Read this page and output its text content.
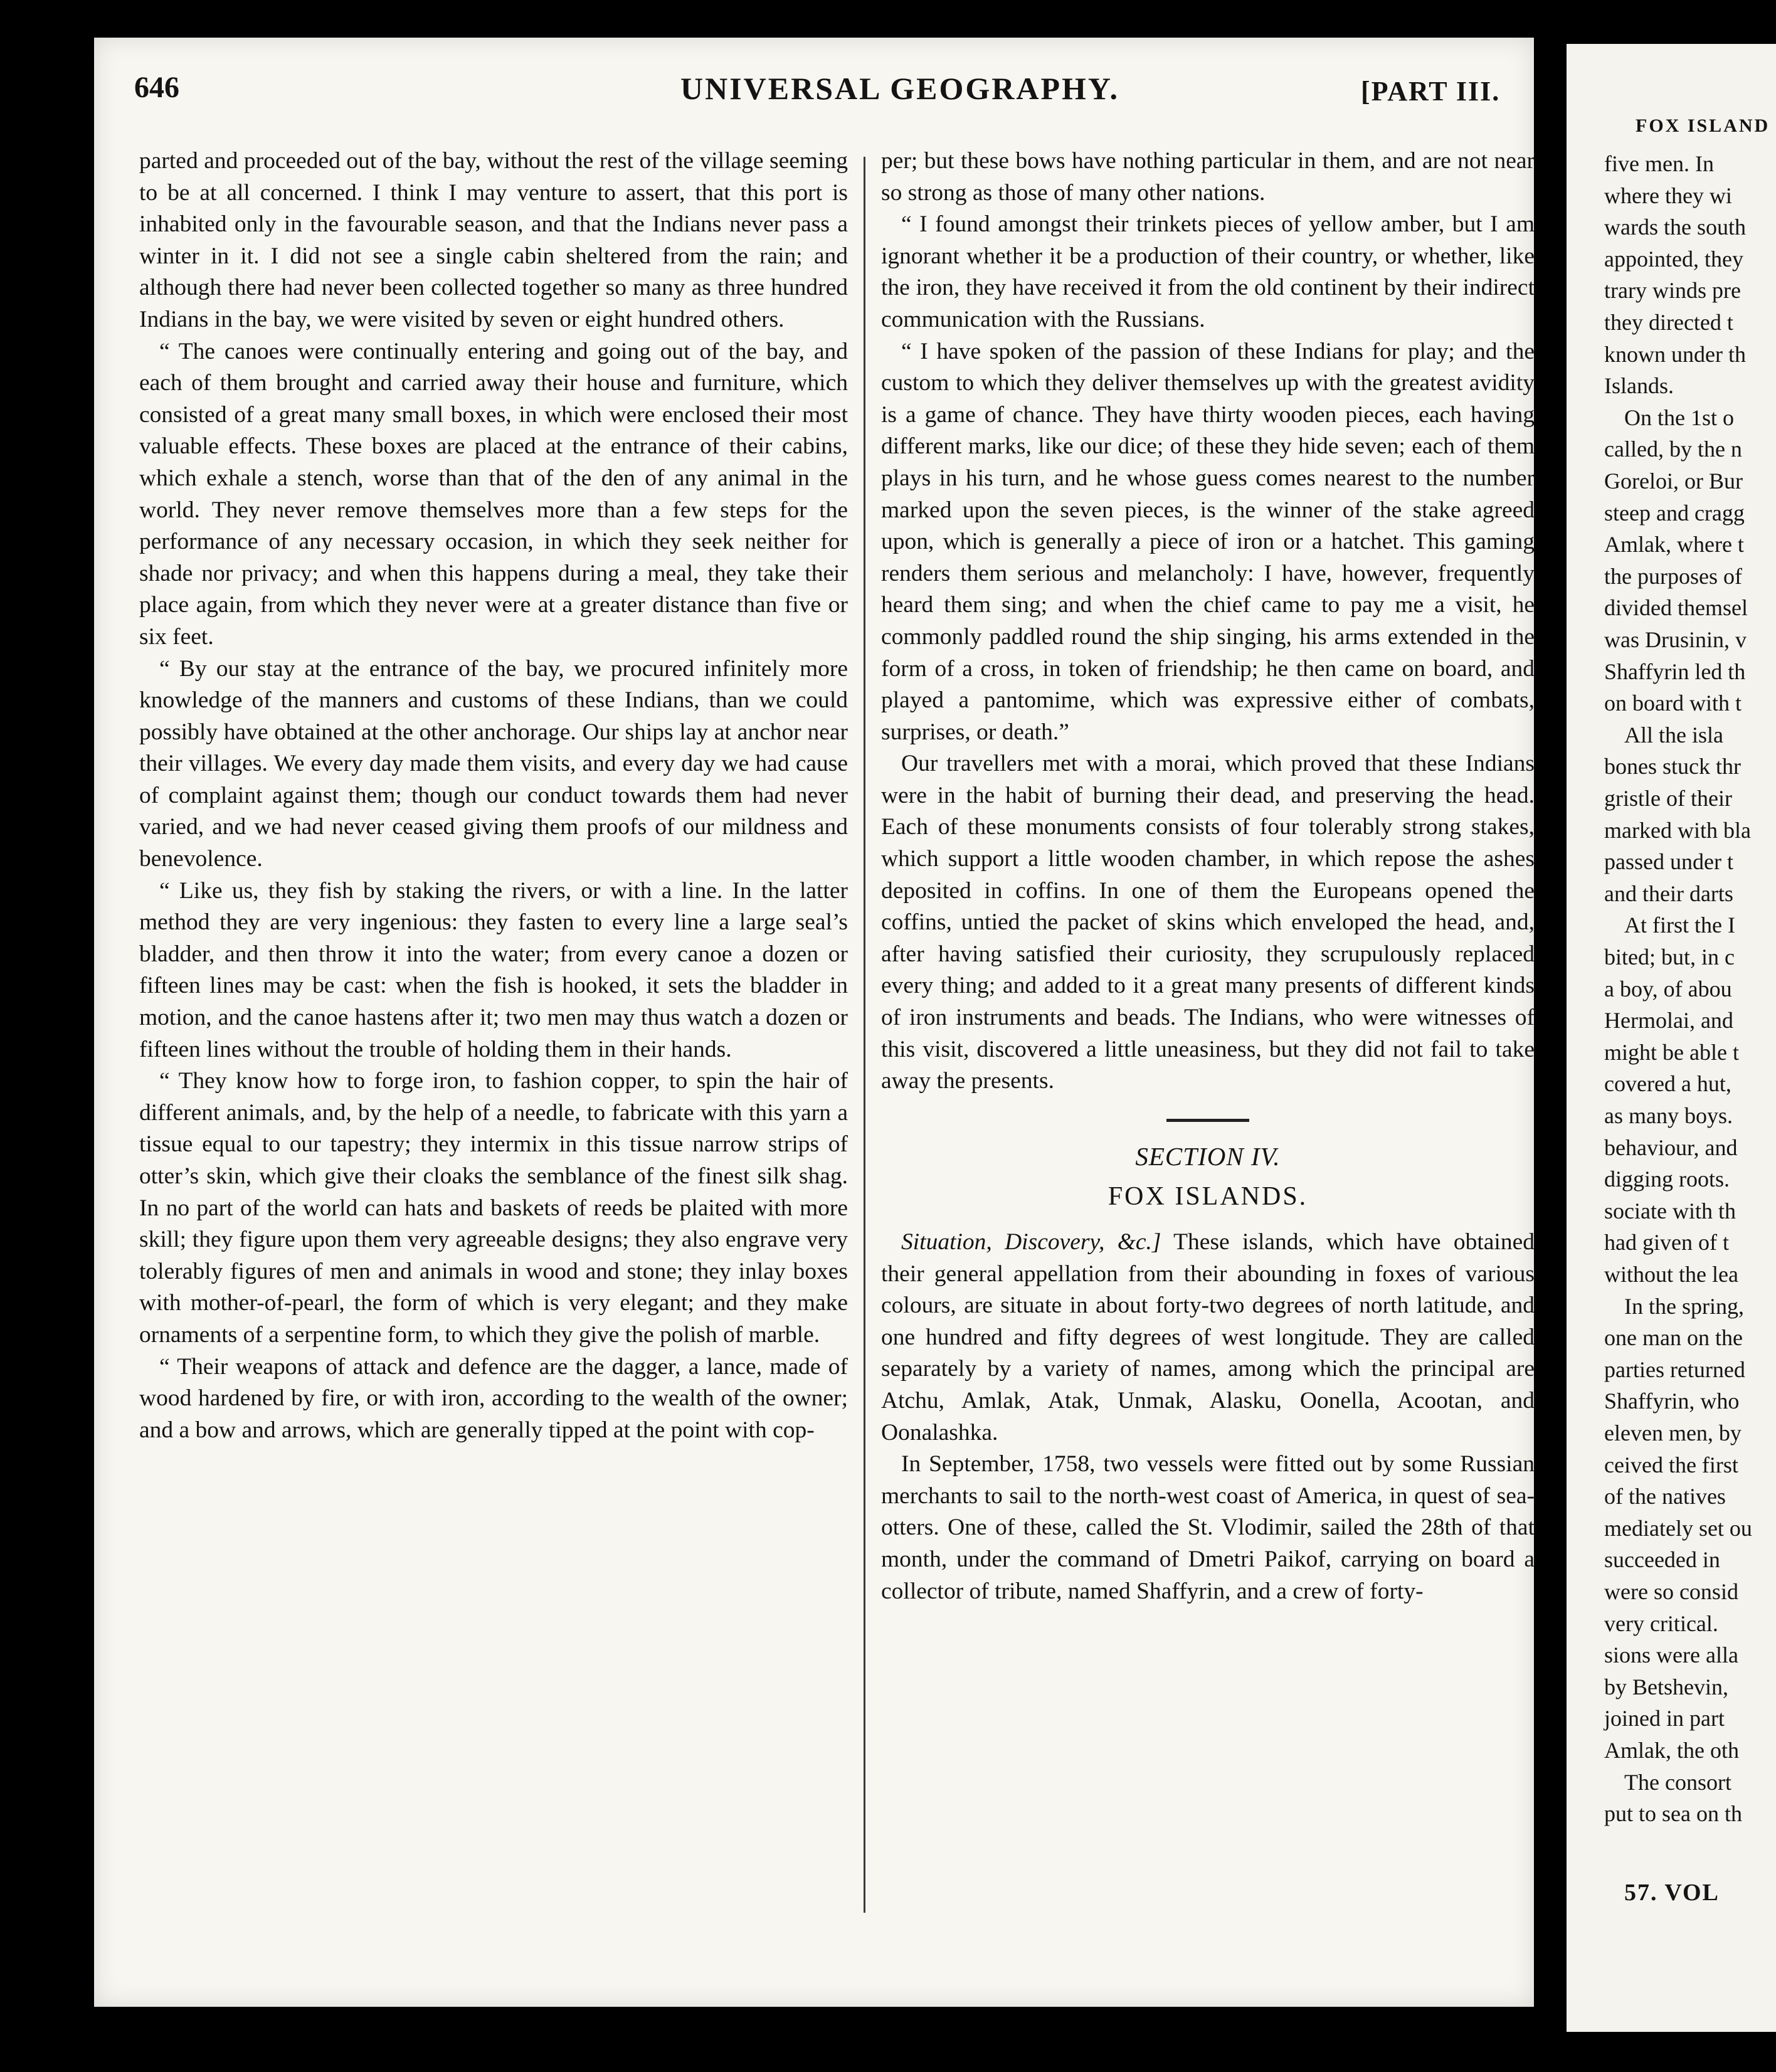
646	UNIVERSAL GEOGRAPHY.	[PART III.

parted and proceeded out of the bay, without the rest of the village seeming to be at all concerned. I think I may venture to assert, that this port is inhabited only in the favourable season, and that the Indians never pass a winter in it. I did not see a single cabin sheltered from the rain; and although there had never been collected together so many as three hundred Indians in the bay, we were visited by seven or eight hundred others.

“ The canoes were continually entering and going out of the bay, and each of them brought and carried away their house and furniture, which consisted of a great many small boxes, in which were enclosed their most valuable effects. These boxes are placed at the entrance of their cabins, which exhale a stench, worse than that of the den of any animal in the world. They never remove themselves more than a few steps for the performance of any necessary occasion, in which they seek neither for shade nor privacy; and when this happens during a meal, they take their place again, from which they never were at a greater distance than five or six feet.

“ By our stay at the entrance of the bay, we procured infinitely more knowledge of the manners and customs of these Indians, than we could possibly have obtained at the other anchorage. Our ships lay at anchor near their villages. We every day made them visits, and every day we had cause of complaint against them; though our conduct towards them had never varied, and we had never ceased giving them proofs of our mildness and benevolence.

“ Like us, they fish by staking the rivers, or with a line. In the latter method they are very ingenious: they fasten to every line a large seal’s bladder, and then throw it into the water; from every canoe a dozen or fifteen lines may be cast: when the fish is hooked, it sets the bladder in motion, and the canoe hastens after it; two men may thus watch a dozen or fifteen lines without the trouble of holding them in their hands.

“ They know how to forge iron, to fashion copper, to spin the hair of different animals, and, by the help of a needle, to fabricate with this yarn a tissue equal to our tapestry; they intermix in this tissue narrow strips of otter’s skin, which give their cloaks the semblance of the finest silk shag. In no part of the world can hats and baskets of reeds be plaited with more skill; they figure upon them very agreeable designs; they also engrave very tolerably figures of men and animals in wood and stone; they inlay boxes with mother-of-pearl, the form of which is very elegant; and they make ornaments of a serpentine form, to which they give the polish of marble.

“ Their weapons of attack and defence are the dagger, a lance, made of wood hardened by fire, or with iron, according to the wealth of the owner; and a bow and arrows, which are generally tipped at the point with cop-

per; but these bows have nothing particular in them, and are not near so strong as those of many other nations.

“ I found amongst their trinkets pieces of yellow amber, but I am ignorant whether it be a production of their country, or whether, like the iron, they have received it from the old continent by their indirect communication with the Russians.

“ I have spoken of the passion of these Indians for play; and the custom to which they deliver themselves up with the greatest avidity is a game of chance. They have thirty wooden pieces, each having different marks, like our dice; of these they hide seven; each of them plays in his turn, and he whose guess comes nearest to the number marked upon the seven pieces, is the winner of the stake agreed upon, which is generally a piece of iron or a hatchet. This gaming renders them serious and melancholy: I have, however, frequently heard them sing; and when the chief came to pay me a visit, he commonly paddled round the ship singing, his arms extended in the form of a cross, in token of friendship; he then came on board, and played a pantomime, which was expressive either of combats, surprises, or death.”

Our travellers met with a morai, which proved that these Indians were in the habit of burning their dead, and preserving the head. Each of these monuments consists of four tolerably strong stakes, which support a little wooden chamber, in which repose the ashes deposited in coffins. In one of them the Europeans opened the coffins, untied the packet of skins which enveloped the head, and, after having satisfied their curiosity, they scrupulously replaced every thing; and added to it a great many presents of different kinds of iron instruments and beads. The Indians, who were witnesses of this visit, discovered a little uneasiness, but they did not fail to take away the presents.

SECTION IV.
FOX ISLANDS.

Situation, Discovery, &c.] These islands, which have obtained their general appellation from their abounding in foxes of various colours, are situate in about forty-two degrees of north latitude, and one hundred and fifty degrees of west longitude. They are called separately by a variety of names, among which the principal are Atchu, Amlak, Atak, Unmak, Alasku, Oonella, Acootan, and Oonalashka.

In September, 1758, two vessels were fitted out by some Russian merchants to sail to the north-west coast of America, in quest of sea-otters. One of these, called the St. Vlodimir, sailed the 28th of that month, under the command of Dmetri Paikof, carrying on board a collector of tribute, named Shaffyrin, and a crew of forty-

FOX ISLAND
five men. In
where they wi
wards the south
appointed, they
trary winds pre
they directed t
known under th
Islands.
On the 1st o
called, by the n
Goreloi, or Bur
steep and cragg
Amlak, where t
the purposes of
divided themsel
was Drusinin, v
Shaffyrin led th
on board with t
All the isla
bones stuck thr
gristle of their
marked with bla
passed under t
and their darts
At first the I
bited; but, in c
a boy, of abou
Hermolai, and
might be able t
covered a hut,
as many boys.
behaviour, and
digging roots.
sociate with th
had given of t
without the lea
In the spring,
one man on the
parties returned
Shaffyrin, who
eleven men, by
ceived the first
of the natives
mediately set ou
succeeded in
were so consid
very critical.
sions were alla
by Betshevin,
joined in part
Amlak, the oth
The consort
put to sea on th
57. VOL
